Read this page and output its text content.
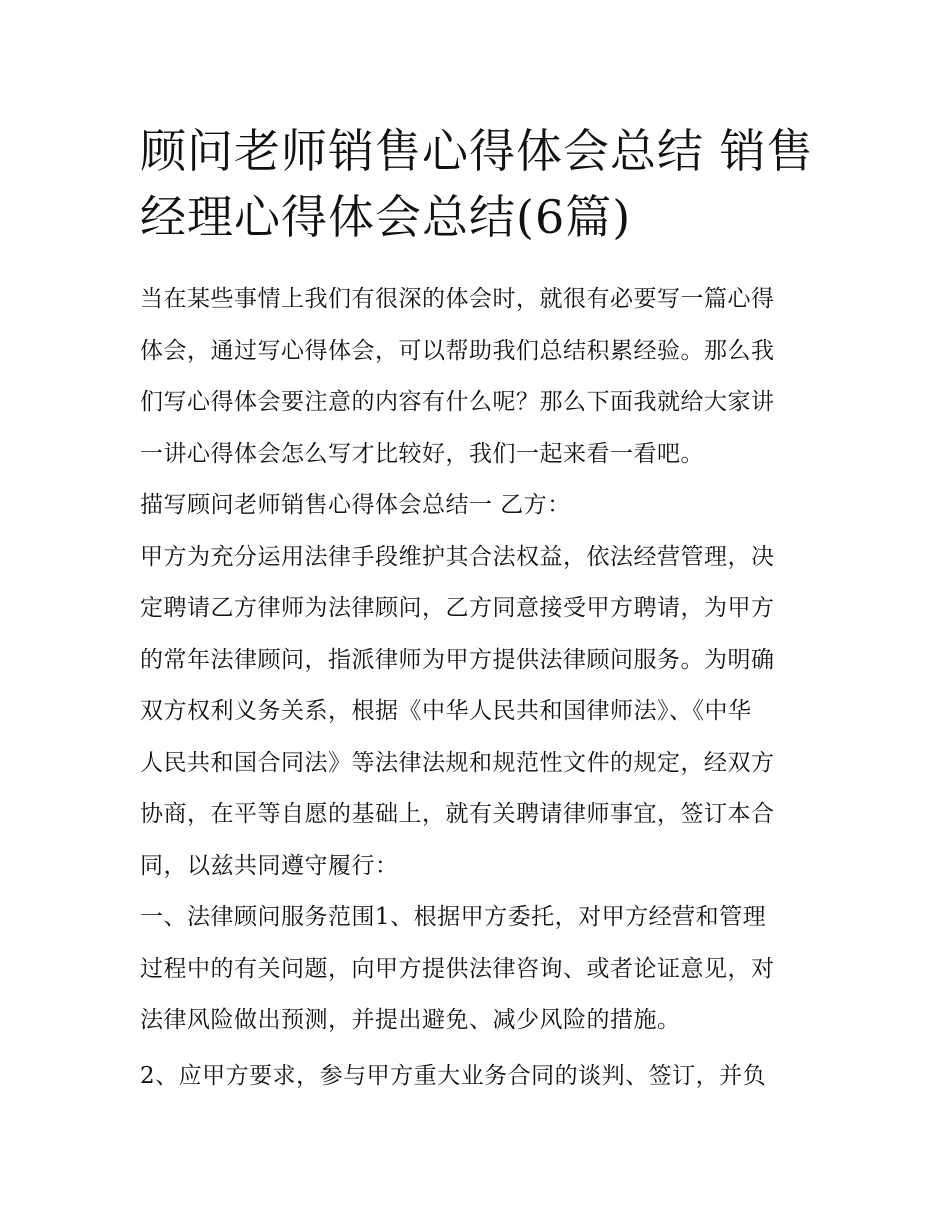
顾问老师销售心得体会总结 销售经理心得体会总结(6篇)
当在某些事情上我们有很深的体会时，就很有必要写一篇心得
体会，通过写心得体会，可以帮助我们总结积累经验。那么我
们写心得体会要注意的内容有什么呢？那么下面我就给大家讲
一讲心得体会怎么写才比较好，我们一起来看一看吧。
描写顾问老师销售心得体会总结一 乙方：
甲方为充分运用法律手段维护其合法权益，依法经营管理，决
定聘请乙方律师为法律顾问，乙方同意接受甲方聘请，为甲方
的常年法律顾问，指派律师为甲方提供法律顾问服务。为明确
双方权利义务关系，根据《中华人民共和国律师法》、《中华
人民共和国合同法》等法律法规和规范性文件的规定，经双方
协商，在平等自愿的基础上，就有关聘请律师事宜，签订本合
同，以兹共同遵守履行：
一、法律顾问服务范围1、根据甲方委托，对甲方经营和管理
过程中的有关问题，向甲方提供法律咨询、或者论证意见，对
法律风险做出预测，并提出避免、减少风险的措施。
2、应甲方要求，参与甲方重大业务合同的谈判、签订，并负
